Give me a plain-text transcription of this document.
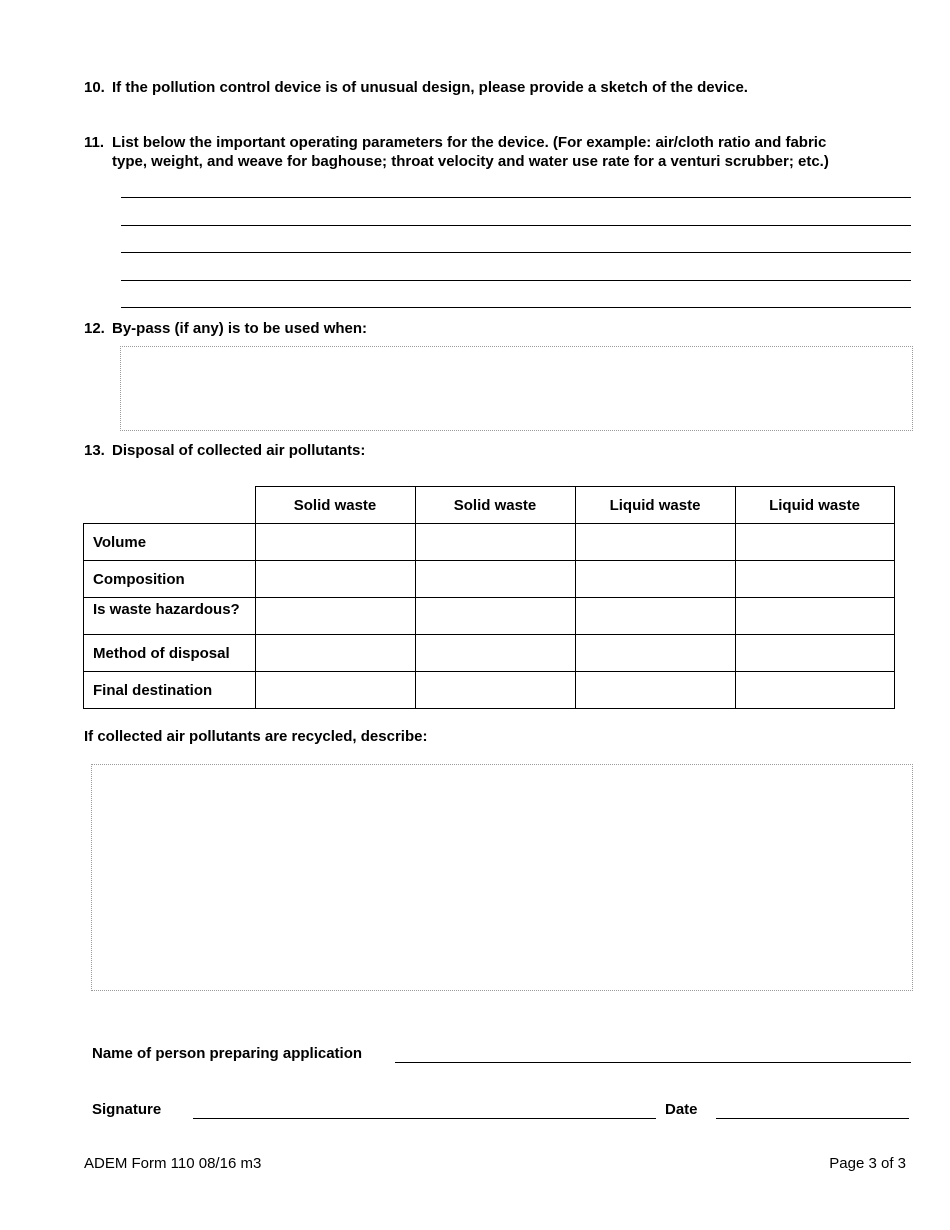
10. If the pollution control device is of unusual design, please provide a sketch of the device.
11. List below the important operating parameters for the device. (For example: air/cloth ratio and fabric
type, weight, and weave for baghouse; throat velocity and water use rate for a venturi scrubber; etc.)
12. By-pass (if any) is to be used when:
13. Disposal of collected air pollutants:
	Solid waste	Solid waste	Liquid waste	Liquid waste
Volume				
Composition				

Is waste hazardous?				

Method of disposal				
Final destination				
If collected air pollutants are recycled, describe:
Name of person preparing application
Signature	Date
ADEM Form 110 08/16 m3	Page 3 of 3
